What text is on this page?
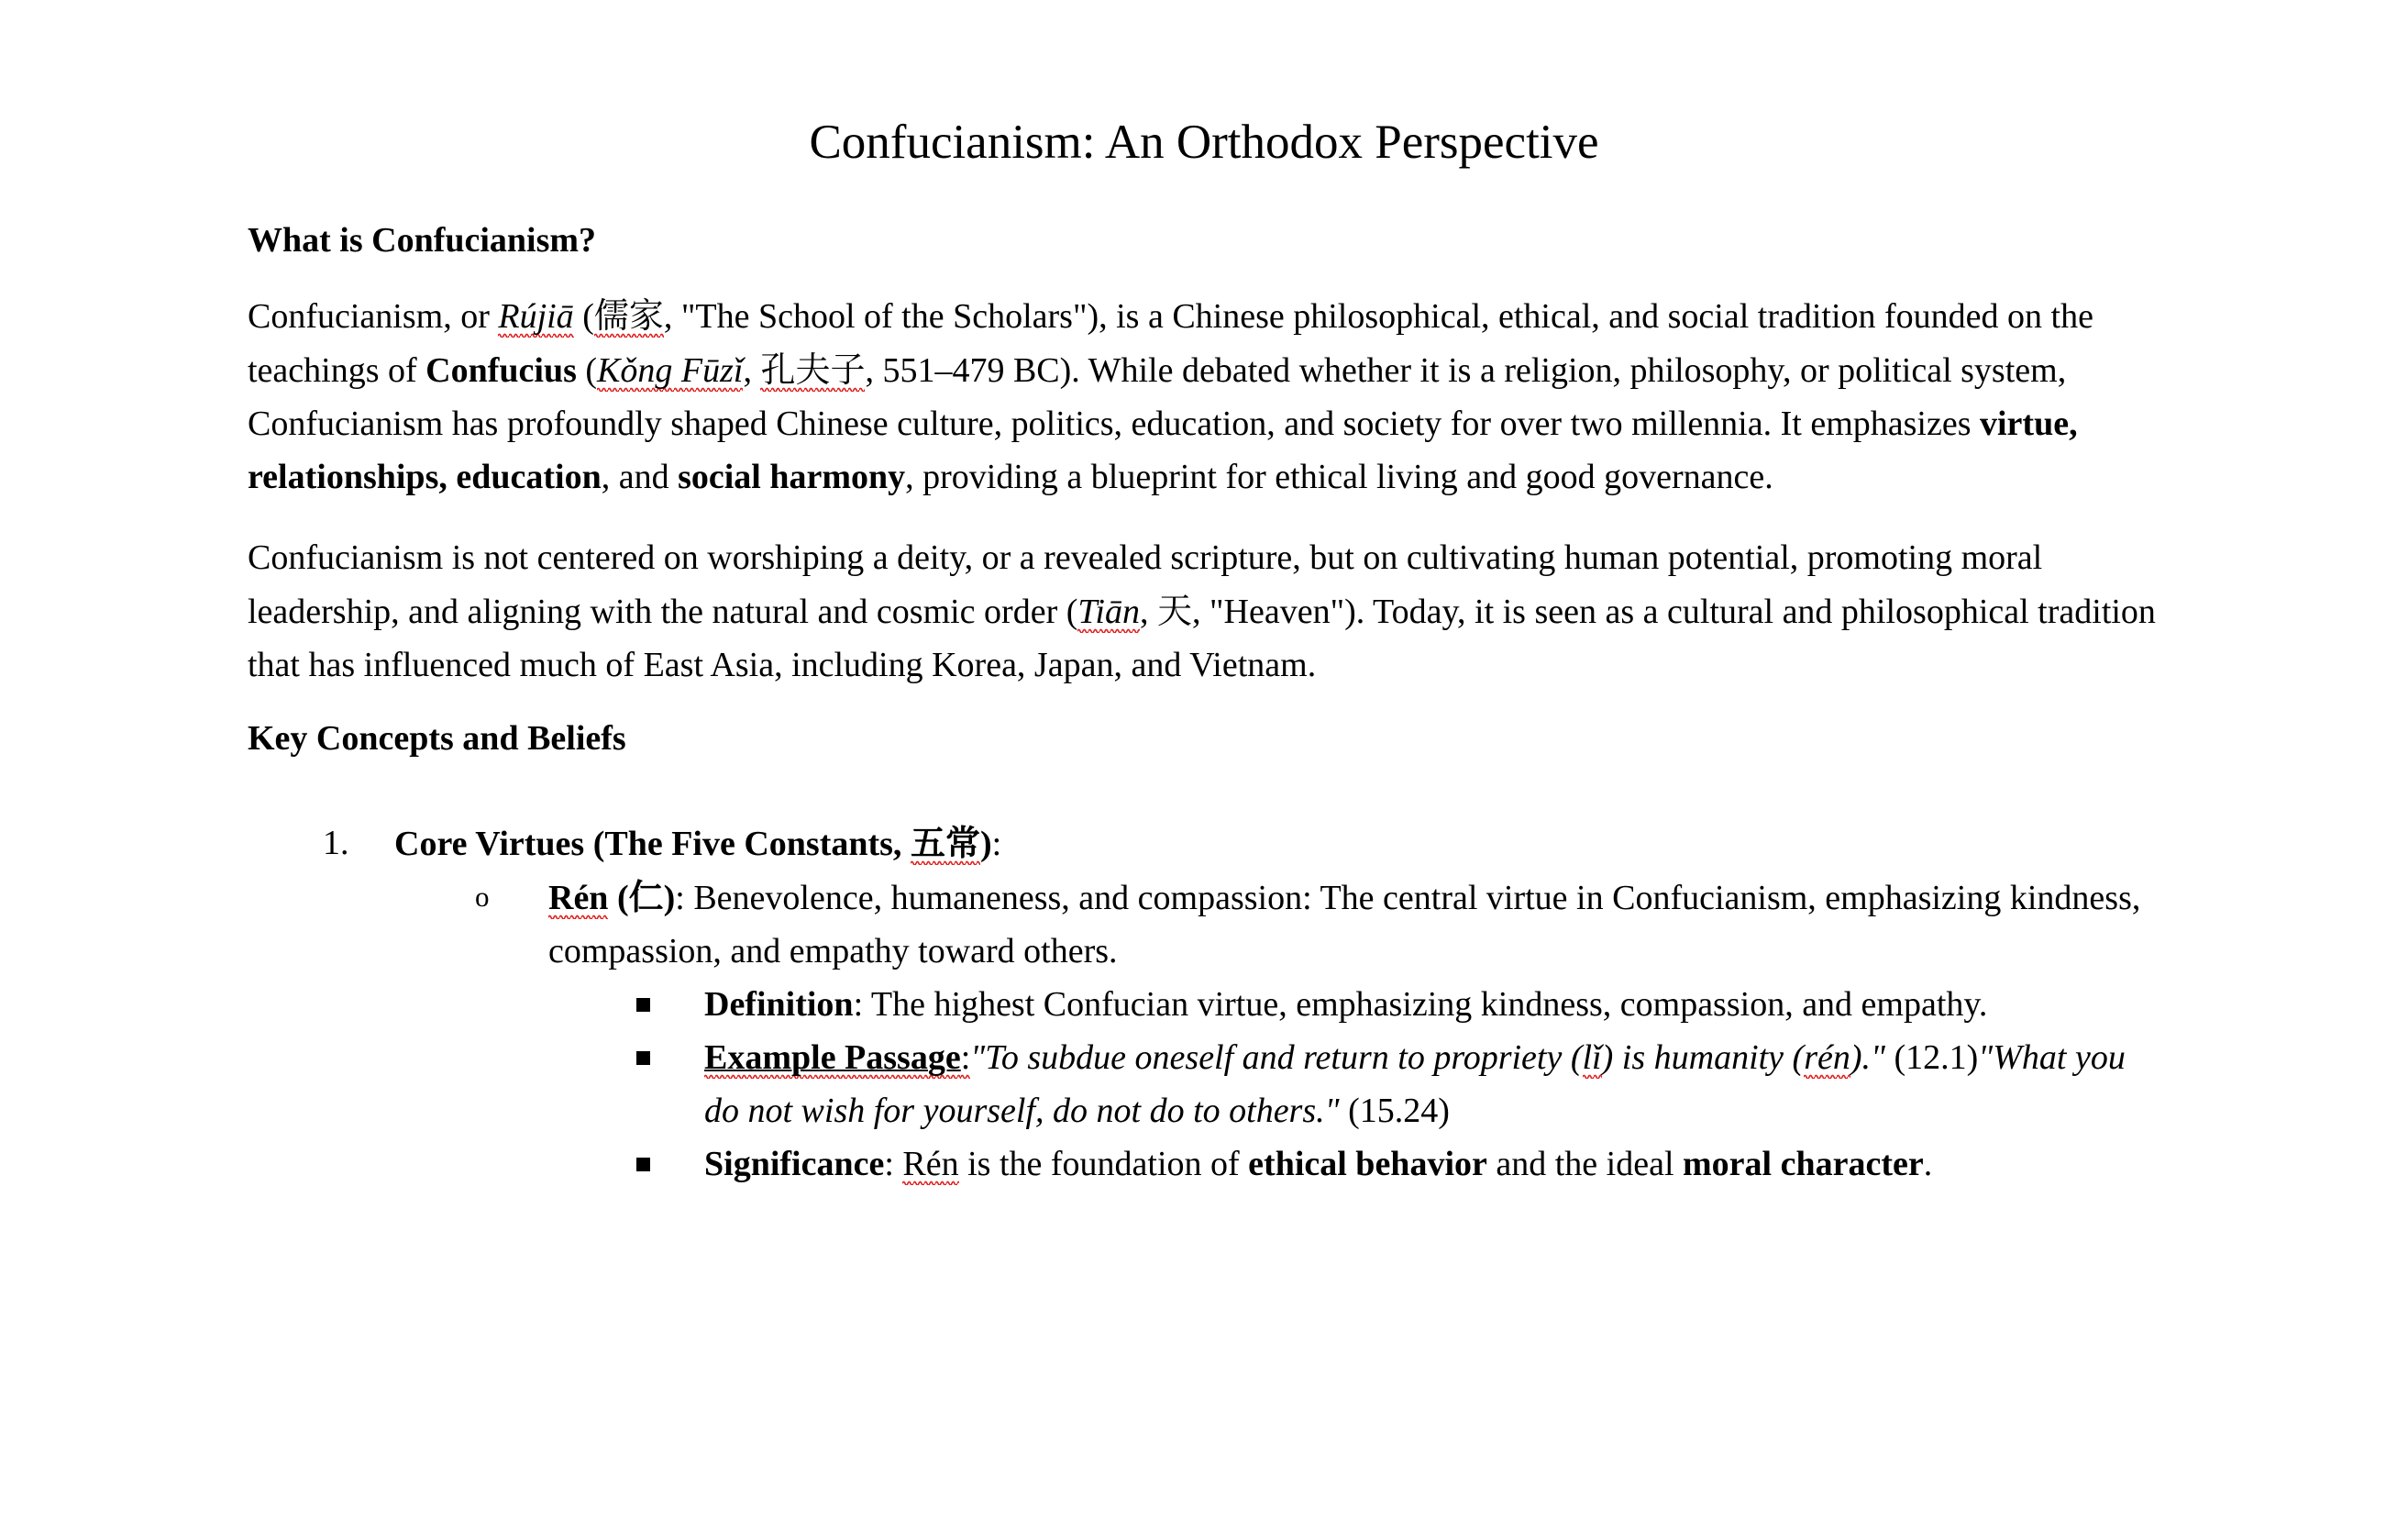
Confucianism: An Orthodox Perspective
What is Confucianism?

Confucianism, or Rújiā (儒家, "The School of the Scholars"), is a Chinese philosophical, ethical, and social tradition founded on the teachings of Confucius (Kǒng Fūzǐ, 孔夫子, 551–479 BC). While debated whether it is a religion, philosophy, or political system, Confucianism has profoundly shaped Chinese culture, politics, education, and society for over two millennia. It emphasizes virtue, relationships, education, and social harmony, providing a blueprint for ethical living and good governance.

Confucianism is not centered on worshiping a deity, or a revealed scripture, but on cultivating human potential, promoting moral leadership, and aligning with the natural and cosmic order (Tiān, 天, "Heaven"). Today, it is seen as a cultural and philosophical tradition that has influenced much of East Asia, including Korea, Japan, and Vietnam.

Key Concepts and Beliefs
1. Core Virtues (The Five Constants, 五常):
o Rén (仁): Benevolence, humaneness, and compassion: The central virtue in Confucianism, emphasizing kindness, compassion, and empathy toward others.
Definition: The highest Confucian virtue, emphasizing kindness, compassion, and empathy.
Example Passage:"To subdue oneself and return to propriety (lǐ) is humanity (rén)." (12.1)"What you do not wish for yourself, do not do to others." (15.24)
Significance: Rén is the foundation of ethical behavior and the ideal moral character.
